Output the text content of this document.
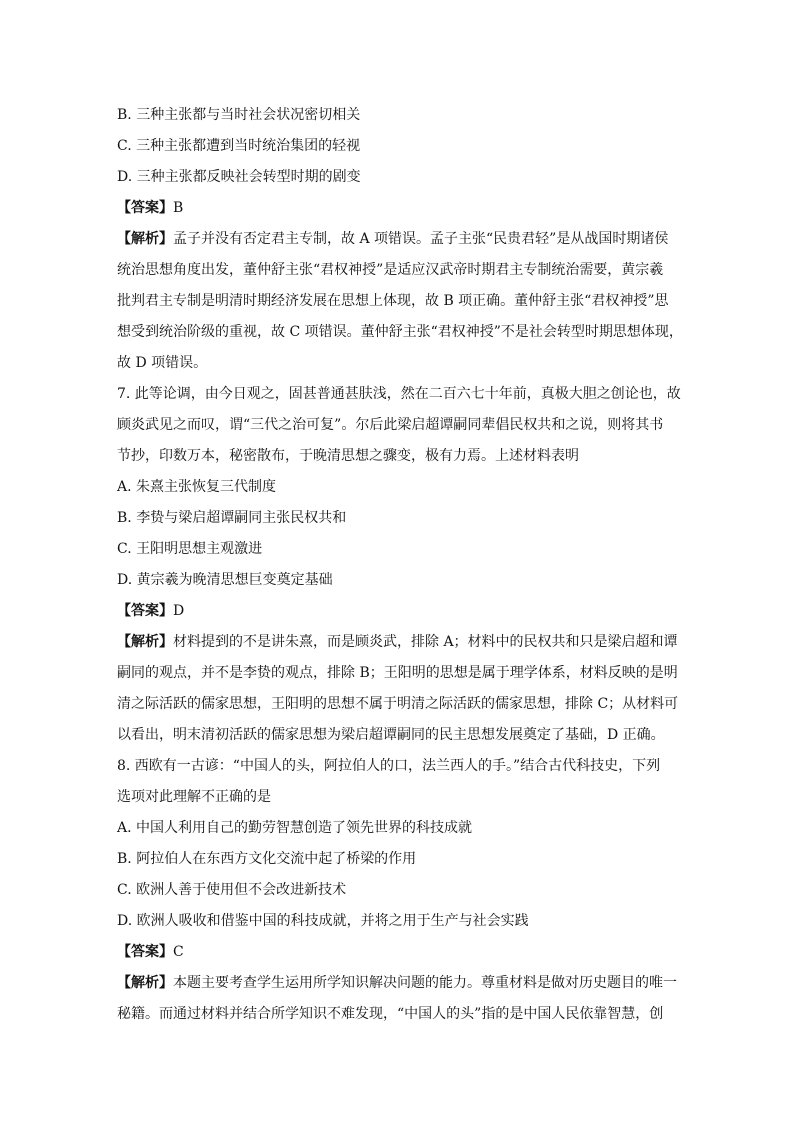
B. 三种主张都与当时社会状况密切相关
C. 三种主张都遭到当时统治集团的轻视
D. 三种主张都反映社会转型时期的剧变
【答案】B
【解析】孟子并没有否定君主专制，故 A 项错误。孟子主张“民贵君轻”是从战国时期诸侯
统治思想角度出发，董仲舒主张“君权神授”是适应汉武帝时期君主专制统治需要，黄宗羲
批判君主专制是明清时期经济发展在思想上体现，故 B 项正确。董仲舒主张“君权神授”思
想受到统治阶级的重视，故 C 项错误。董仲舒主张“君权神授”不是社会转型时期思想体现，
故 D 项错误。
7. 此等论调，由今日观之，固甚普通甚肤浅，然在二百六七十年前，真极大胆之创论也，故
顾炎武见之而叹，谓“三代之治可复”。尔后此梁启超谭嗣同辈倡民权共和之说，则将其书
节抄，印数万本，秘密散布，于晚清思想之骤变，极有力焉。上述材料表明
A. 朱熹主张恢复三代制度
B. 李贽与梁启超谭嗣同主张民权共和
C. 王阳明思想主观激进
D. 黄宗羲为晚清思想巨变奠定基础
【答案】D
【解析】材料提到的不是讲朱熹，而是顾炎武，排除 A；材料中的民权共和只是梁启超和谭
嗣同的观点，并不是李贽的观点，排除 B；王阳明的思想是属于理学体系，材料反映的是明
清之际活跃的儒家思想，王阳明的思想不属于明清之际活跃的儒家思想，排除 C；从材料可
以看出，明末清初活跃的儒家思想为梁启超谭嗣同的民主思想发展奠定了基础，D 正确。
8. 西欧有一古谚：“中国人的头，阿拉伯人的口，法兰西人的手。”结合古代科技史，下列
选项对此理解不正确的是
A. 中国人利用自己的勤劳智慧创造了领先世界的科技成就
B. 阿拉伯人在东西方文化交流中起了桥梁的作用
C. 欧洲人善于使用但不会改进新技术
D. 欧洲人吸收和借鉴中国的科技成就，并将之用于生产与社会实践
【答案】C
【解析】本题主要考查学生运用所学知识解决问题的能力。尊重材料是做对历史题目的唯一
秘籍。而通过材料并结合所学知识不难发现，“中国人的头”指的是中国人民依靠智慧，创
